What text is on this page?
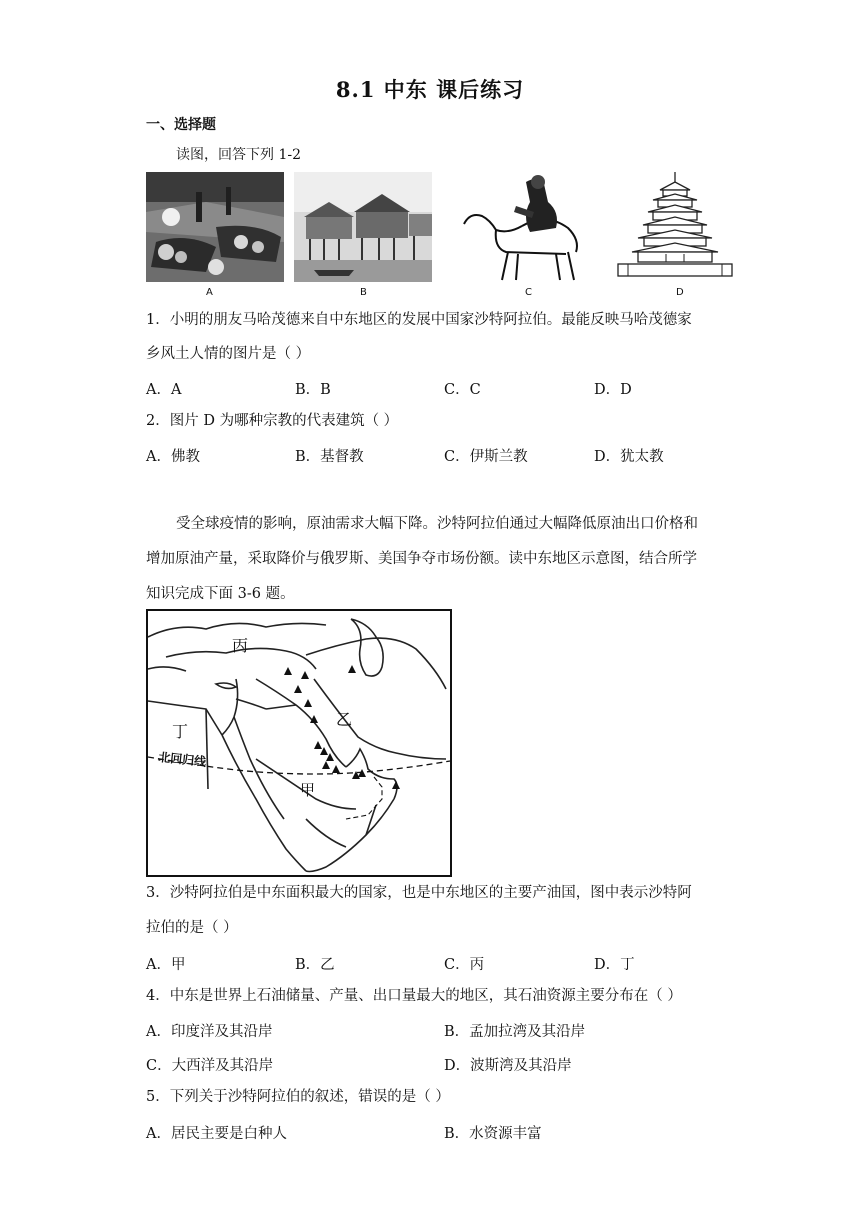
8.1 中东 课后练习
一、选择题
读图，回答下列 1-2
A	B	C	D
1．小明的朋友马哈茂德来自中东地区的发展中国家沙特阿拉伯。最能反映马哈茂德家
乡风土人情的图片是（ ）
A．A	B．B	C．C	D．D
2．图片 D 为哪种宗教的代表建筑（ ）
A．佛教	B．基督教	C．伊斯兰教	D．犹太教
受全球疫情的影响，原油需求大幅下降。沙特阿拉伯通过大幅降低原油出口价格和
增加原油产量，采取降价与俄罗斯、美国争夺市场份额。读中东地区示意图，结合所学
知识完成下面 3-6 题。
丙
乙
丁
甲
北回归线
3．沙特阿拉伯是中东面积最大的国家，也是中东地区的主要产油国，图中表示沙特阿
拉伯的是（ ）
A．甲	B．乙	C．丙	D．丁
4．中东是世界上石油储量、产量、出口量最大的地区，其石油资源主要分布在（ ）
A．印度洋及其沿岸	B．孟加拉湾及其沿岸
C．大西洋及其沿岸	D．波斯湾及其沿岸
5．下列关于沙特阿拉伯的叙述，错误的是（ ）
A．居民主要是白种人	B．水资源丰富
